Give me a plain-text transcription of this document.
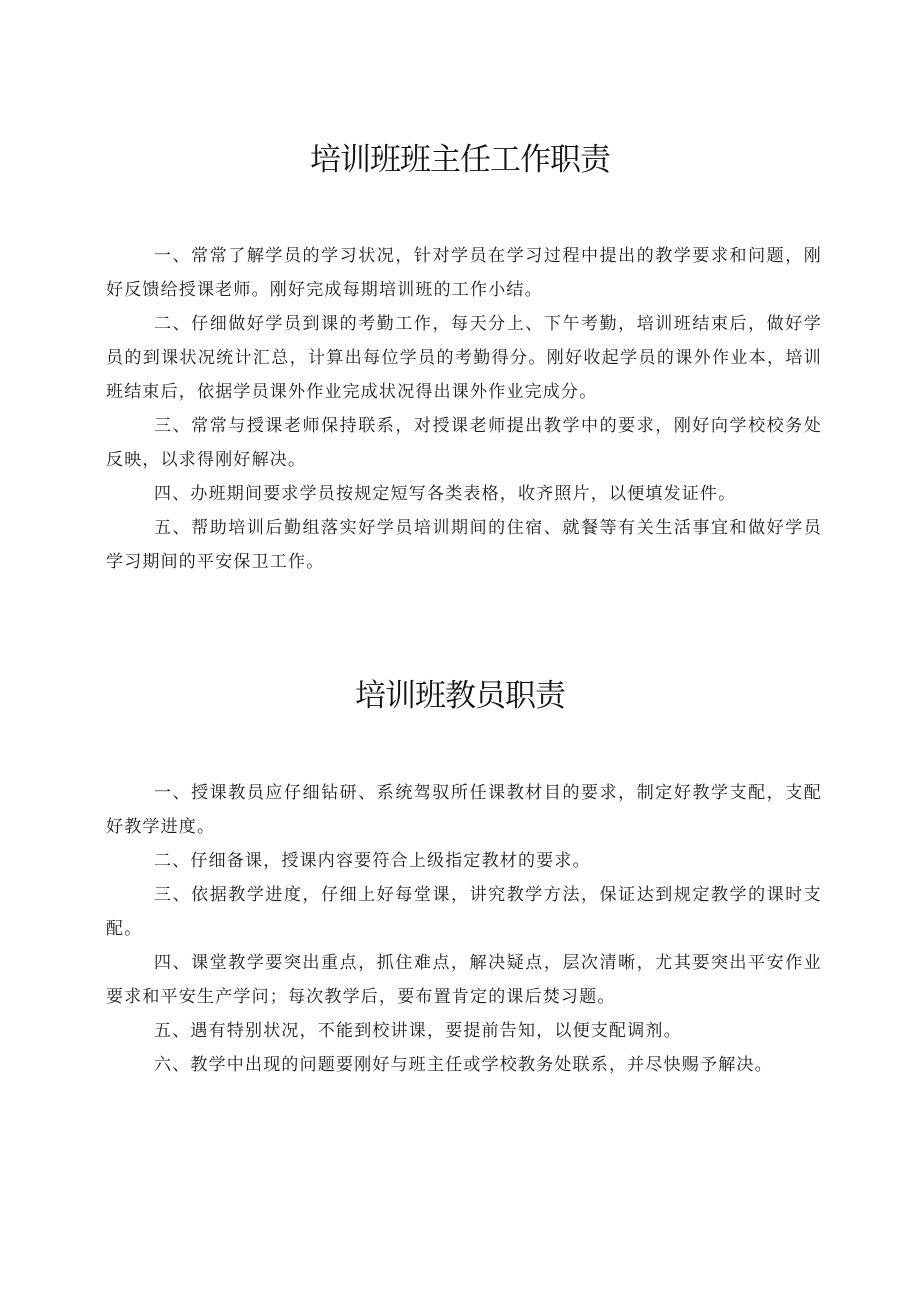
培训班班主任工作职责

一、常常了解学员的学习状况，针对学员在学习过程中提出的教学要求和问题，刚好反馈给授课老师。刚好完成每期培训班的工作小结。

二、仔细做好学员到课的考勤工作，每天分上、下午考勤，培训班结束后，做好学员的到课状况统计汇总，计算出每位学员的考勤得分。刚好收起学员的课外作业本，培训班结束后，依据学员课外作业完成状况得出课外作业完成分。

三、常常与授课老师保持联系，对授课老师提出教学中的要求，刚好向学校校务处反映，以求得刚好解决。

四、办班期间要求学员按规定短写各类表格，收齐照片，以便填发证件。

五、帮助培训后勤组落实好学员培训期间的住宿、就餐等有关生活事宜和做好学员学习期间的平安保卫工作。

培训班教员职责

一、授课教员应仔细钻研、系统驾驭所任课教材目的要求，制定好教学支配，支配好教学进度。

二、仔细备课，授课内容要符合上级指定教材的要求。

三、依据教学进度，仔细上好每堂课，讲究教学方法，保证达到规定教学的课时支配。

四、课堂教学要突出重点，抓住难点，解决疑点，层次清晰，尤其要突出平安作业要求和平安生产学问；每次教学后，要布置肯定的课后焚习题。

五、遇有特别状况，不能到校讲课，要提前告知，以便支配调剂。

六、教学中出现的问题要刚好与班主任或学校教务处联系，并尽快赐予解决。
